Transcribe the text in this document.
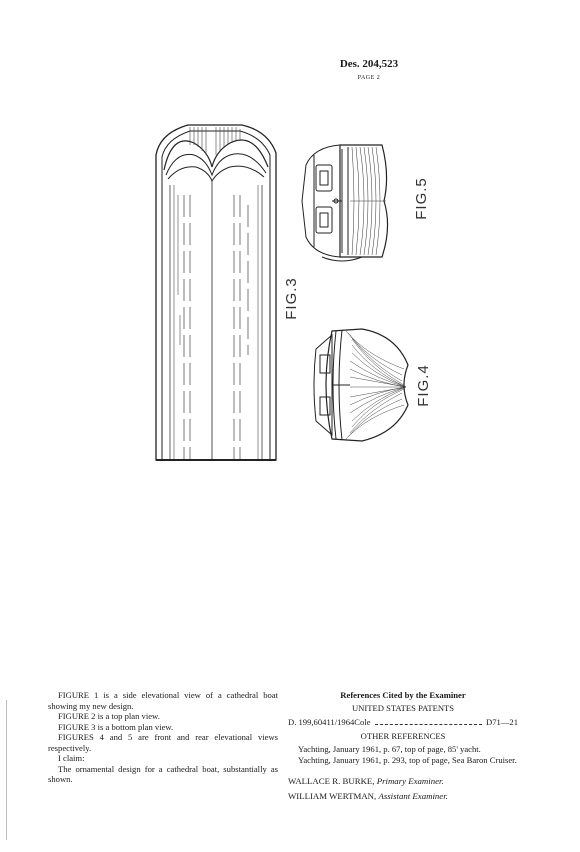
Des. 204,523
PAGE 2
FIG.3
FIG.5
FIG.4

FIGURE 1 is a side elevational view of a cathedral boat showing my new design.

FIGURE 2 is a top plan view.

FIGURE 3 is a bottom plan view.

FIGURES 4 and 5 are front and rear elevational views respectively.

I claim:

The ornamental design for a cathedral boat, substantially as shown.

References Cited by the Examiner
UNITED STATES PATENTS
D. 199,604 11/1964 Cole	D71—21
OTHER REFERENCES
Yachting, January 1961, p. 67, top of page, 85' yacht.
Yachting, January 1961, p. 293, top of page, Sea Baron Cruiser.
WALLACE R. BURKE, Primary Examiner.
WILLIAM WERTMAN, Assistant Examiner.
